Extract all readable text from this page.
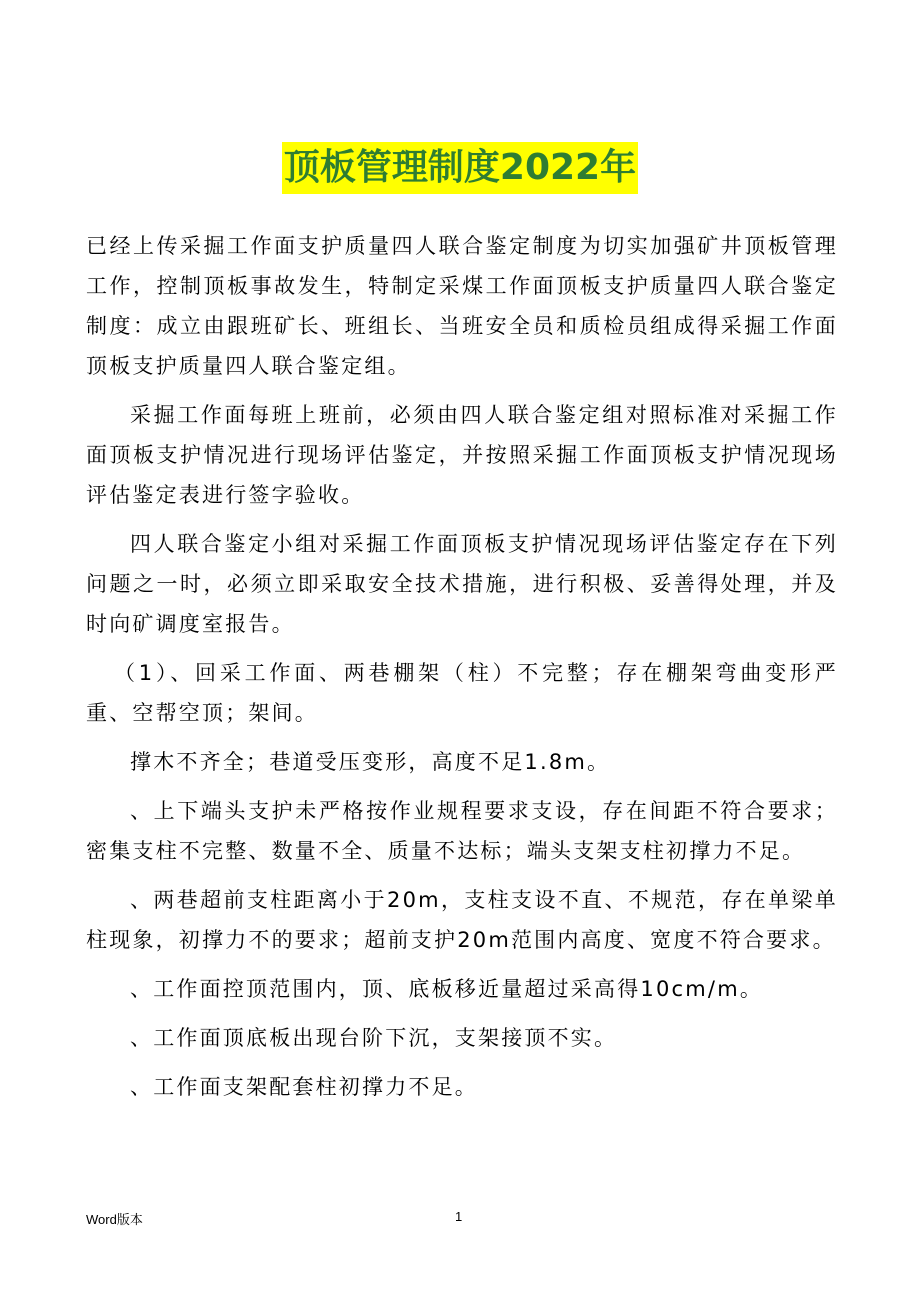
顶板管理制度2022年

已经上传采掘工作面支护质量四人联合鉴定制度为切实加强矿井顶板管理工作，控制顶板事故发生，特制定采煤工作面顶板支护质量四人联合鉴定制度：成立由跟班矿长、班组长、当班安全员和质检员组成得采掘工作面顶板支护质量四人联合鉴定组。

采掘工作面每班上班前，必须由四人联合鉴定组对照标准对采掘工作面顶板支护情况进行现场评估鉴定，并按照采掘工作面顶板支护情况现场评估鉴定表进行签字验收。

四人联合鉴定小组对采掘工作面顶板支护情况现场评估鉴定存在下列问题之一时，必须立即采取安全技术措施，进行积极、妥善得处理，并及时向矿调度室报告。

（1）、回采工作面、两巷棚架（柱）不完整；存在棚架弯曲变形严重、空帮空顶；架间。

撑木不齐全；巷道受压变形，高度不足1.8m。

、上下端头支护未严格按作业规程要求支设，存在间距不符合要求；密集支柱不完整、数量不全、质量不达标；端头支架支柱初撑力不足。

、两巷超前支柱距离小于20m，支柱支设不直、不规范，存在单梁单柱现象，初撑力不的要求；超前支护20m范围内高度、宽度不符合要求。

、工作面控顶范围内，顶、底板移近量超过采高得10cm/m。

、工作面顶底板出现台阶下沉，支架接顶不实。

、工作面支架配套柱初撑力不足。

Word版本	1
